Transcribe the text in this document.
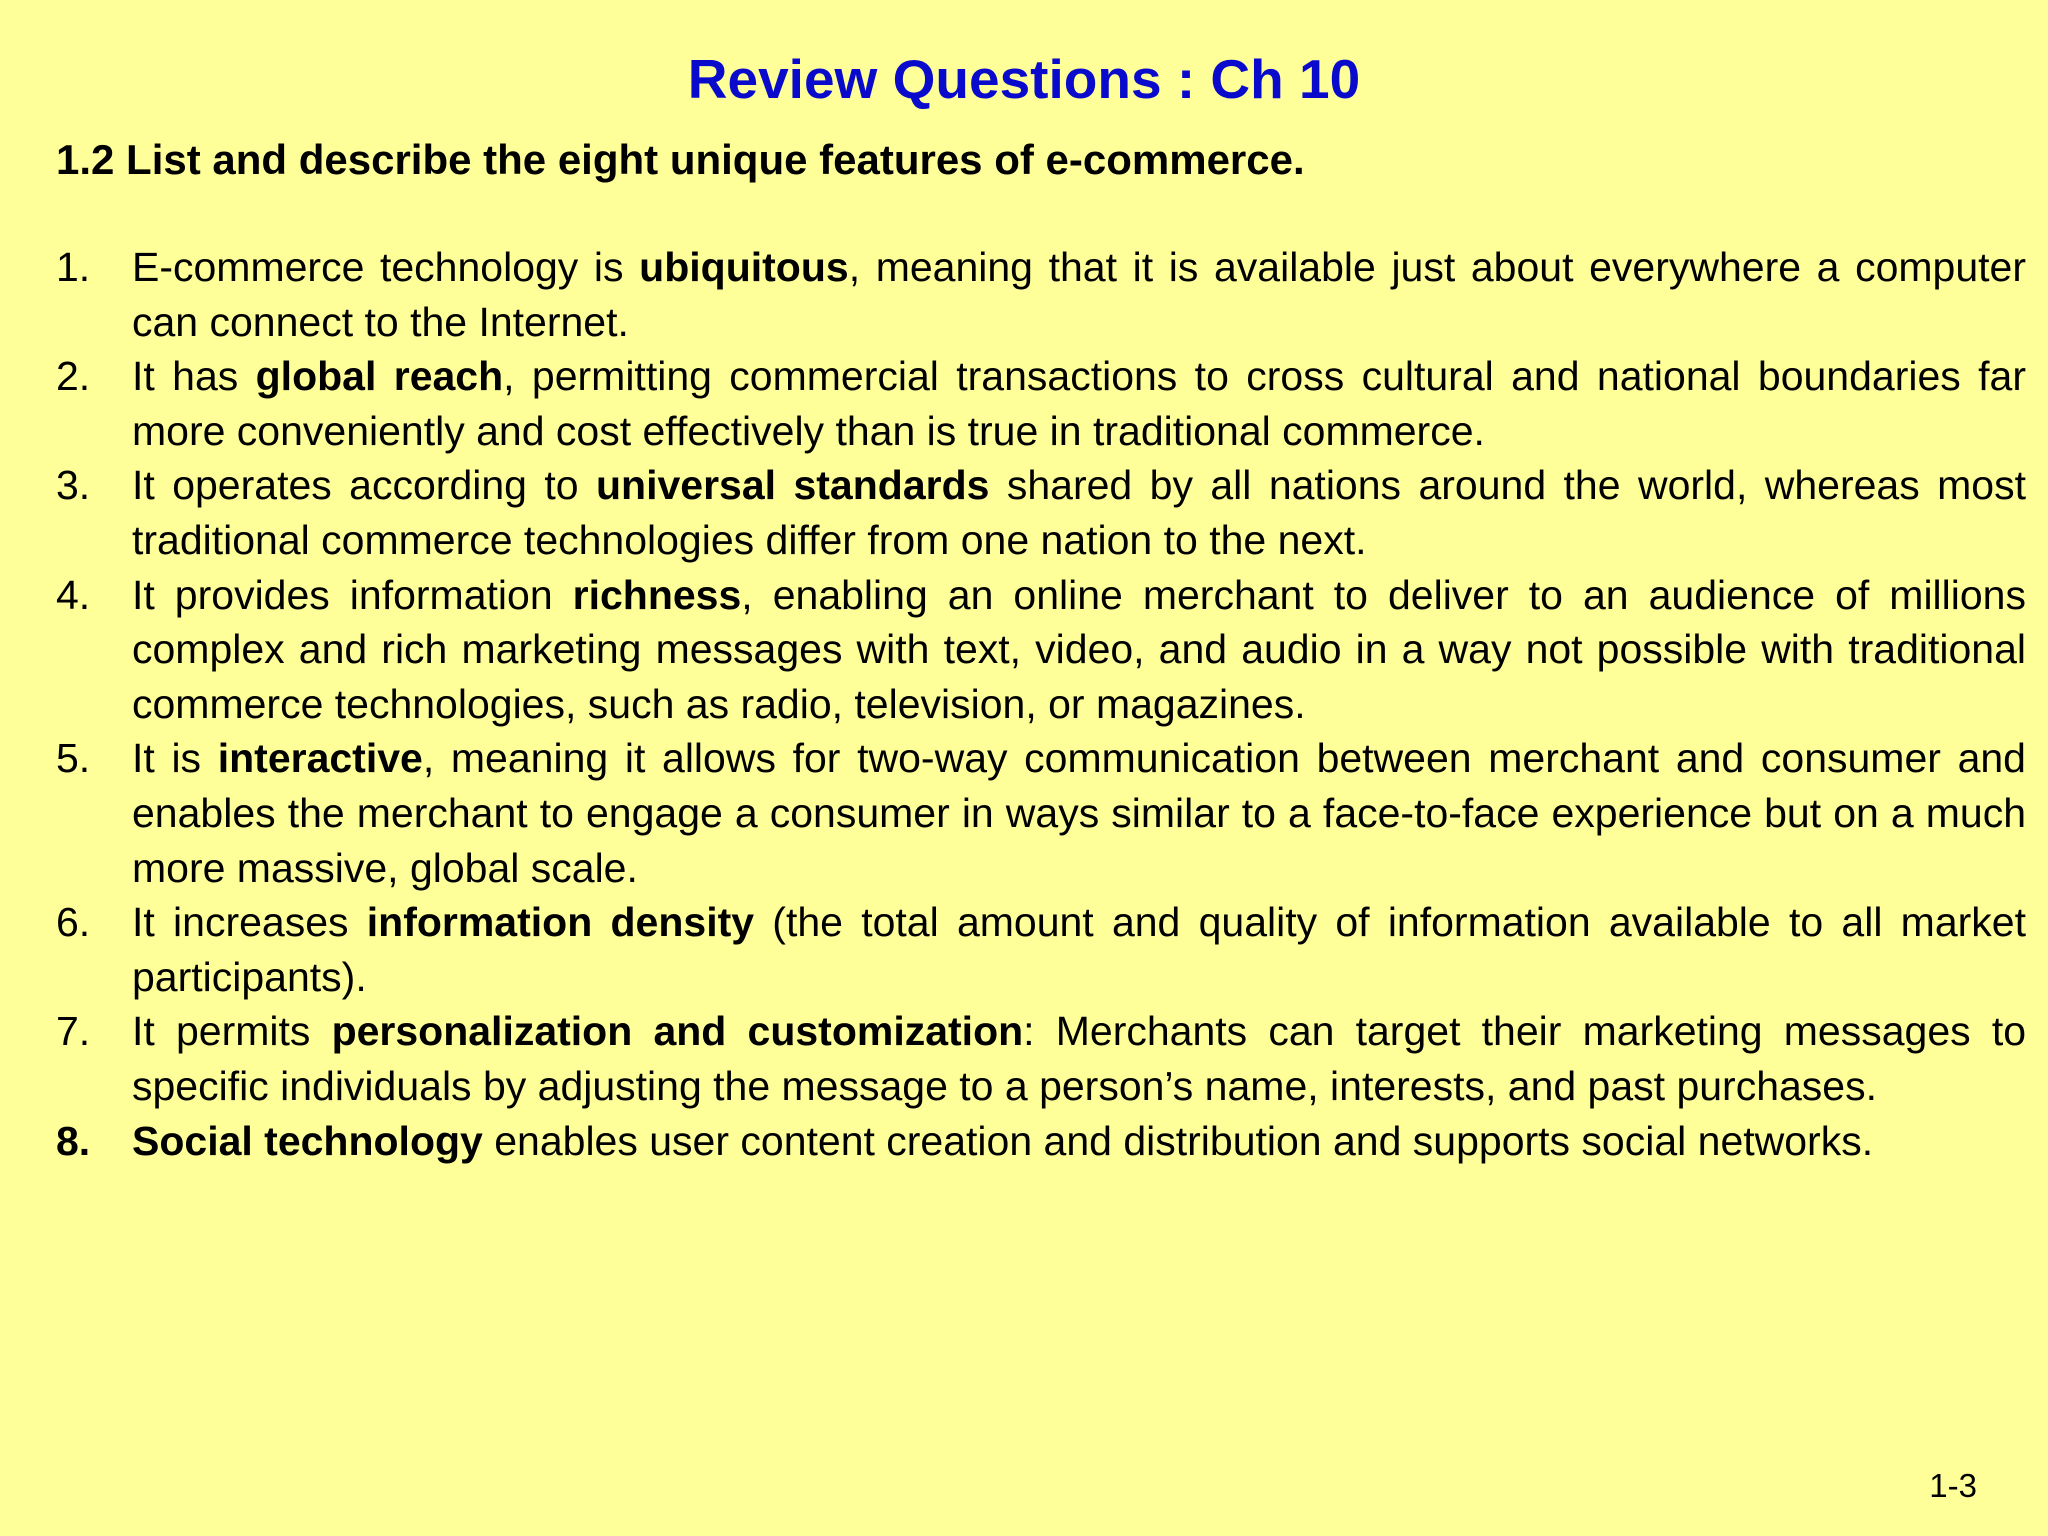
Review Questions : Ch 10
1.2 List and describe the eight unique features of e-commerce.
1. E-commerce technology is ubiquitous, meaning that it is available just about everywhere a computer can connect to the Internet.
2. It has global reach, permitting commercial transactions to cross cultural and national boundaries far more conveniently and cost effectively than is true in traditional commerce.
3. It operates according to universal standards shared by all nations around the world, whereas most traditional commerce technologies differ from one nation to the next.
4. It provides information richness, enabling an online merchant to deliver to an audience of millions complex and rich marketing messages with text, video, and audio in a way not possible with traditional commerce technologies, such as radio, television, or magazines.
5. It is interactive, meaning it allows for two-way communication between merchant and consumer and enables the merchant to engage a consumer in ways similar to a face-to-face experience but on a much more massive, global scale.
6. It increases information density (the total amount and quality of information available to all market participants).
7. It permits personalization and customization: Merchants can target their marketing messages to specific individuals by adjusting the message to a person’s name, interests, and past purchases.
8. Social technology enables user content creation and distribution and supports social networks.
1-3
